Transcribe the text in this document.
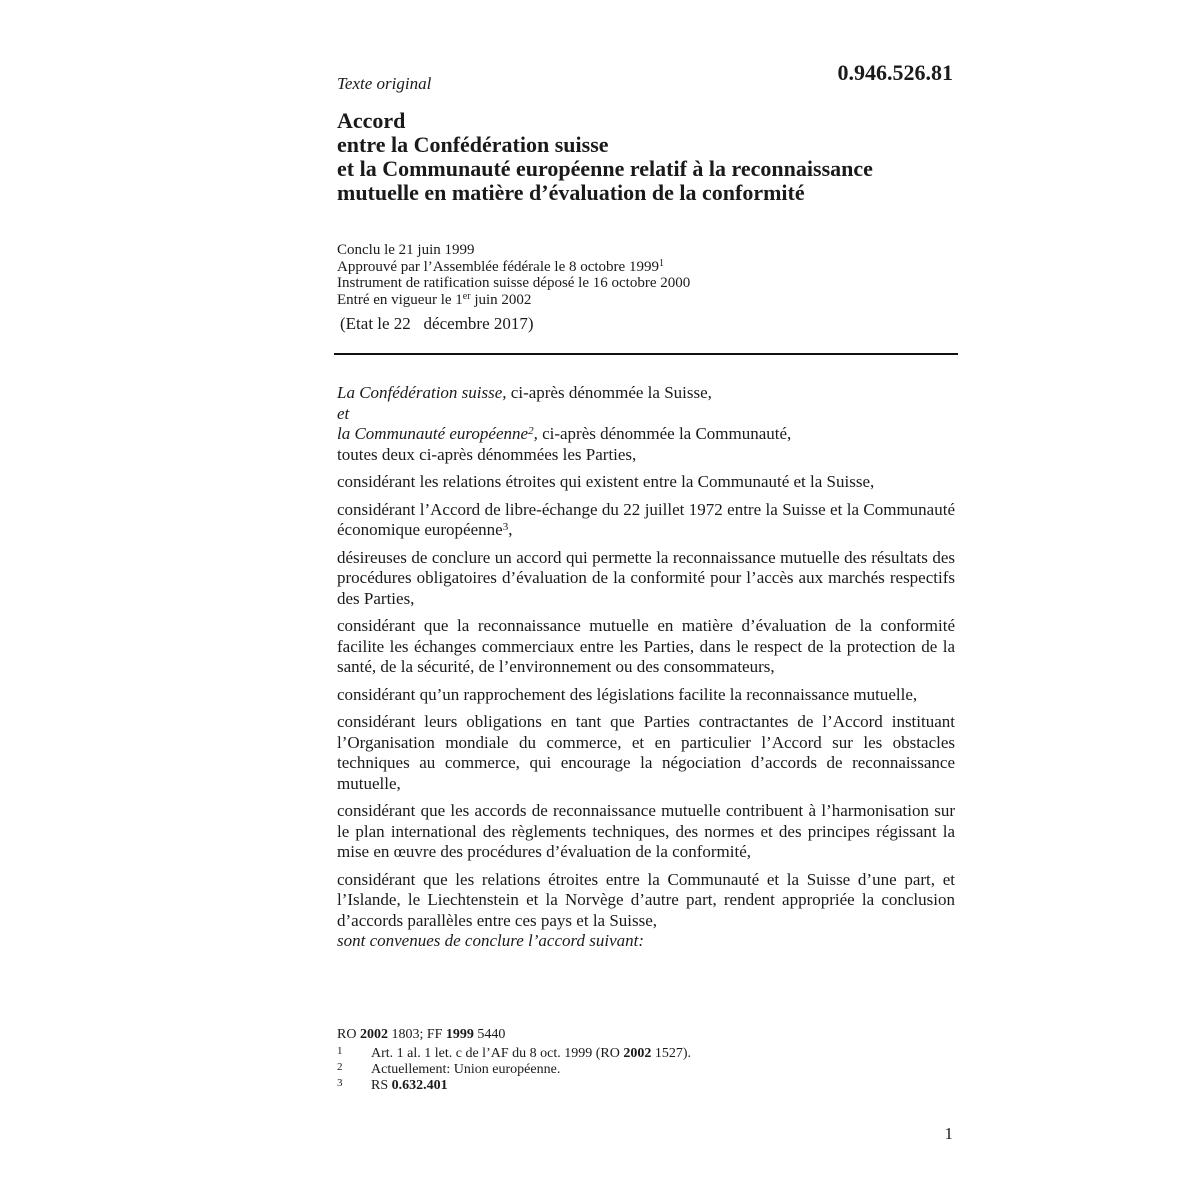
0.946.526.81
Texte original
Accord
entre la Confédération suisse
et la Communauté européenne relatif à la reconnaissance
mutuelle en matière d’évaluation de la conformité
Conclu le 21 juin 1999
Approuvé par l’Assemblée fédérale le 8 octobre 1999$^1$
Instrument de ratification suisse déposé le 16 octobre 2000
Entré en vigueur le 1er juin 2002
(Etat le 22   décembre 2017)

La Confédération suisse, ci-après dénommée la Suisse,

et

la Communauté européenne$^2$, ci-après dénommée la Communauté,

toutes deux ci-après dénommées les Parties,

considérant les relations étroites qui existent entre la Communauté et la Suisse,

considérant l’Accord de libre-échange du 22 juillet 1972 entre la Suisse et la Communauté économique européenne$^3$,

désireuses de conclure un accord qui permette la reconnaissance mutuelle des résultats des procédures obligatoires d’évaluation de la conformité pour l’accès aux marchés respectifs des Parties,

considérant que la reconnaissance mutuelle en matière d’évaluation de la conformité facilite les échanges commerciaux entre les Parties, dans le respect de la protection de la santé, de la sécurité, de l’environnement ou des consommateurs,

considérant qu’un rapprochement des législations facilite la reconnaissance mutuelle,

considérant leurs obligations en tant que Parties contractantes de l’Accord instituant l’Organisation mondiale du commerce, et en particulier l’Accord sur les obstacles techniques au commerce, qui encourage la négociation d’accords de reconnaissance mutuelle,

considérant que les accords de reconnaissance mutuelle contribuent à l’harmonisation sur le plan international des règlements techniques, des normes et des principes régissant la mise en œuvre des procédures d’évaluation de la conformité,

considérant que les relations étroites entre la Communauté et la Suisse d’une part, et l’Islande, le Liechtenstein et la Norvège d’autre part, rendent appropriée la conclusion d’accords parallèles entre ces pays et la Suisse,

sont convenues de conclure l’accord suivant:

RO 2002 1803; FF 1999 5440
1 Art. 1 al. 1 let. c de l’AF du 8 oct. 1999 (RO 2002 1527).
2 Actuellement: Union européenne.
3 RS 0.632.401
1
